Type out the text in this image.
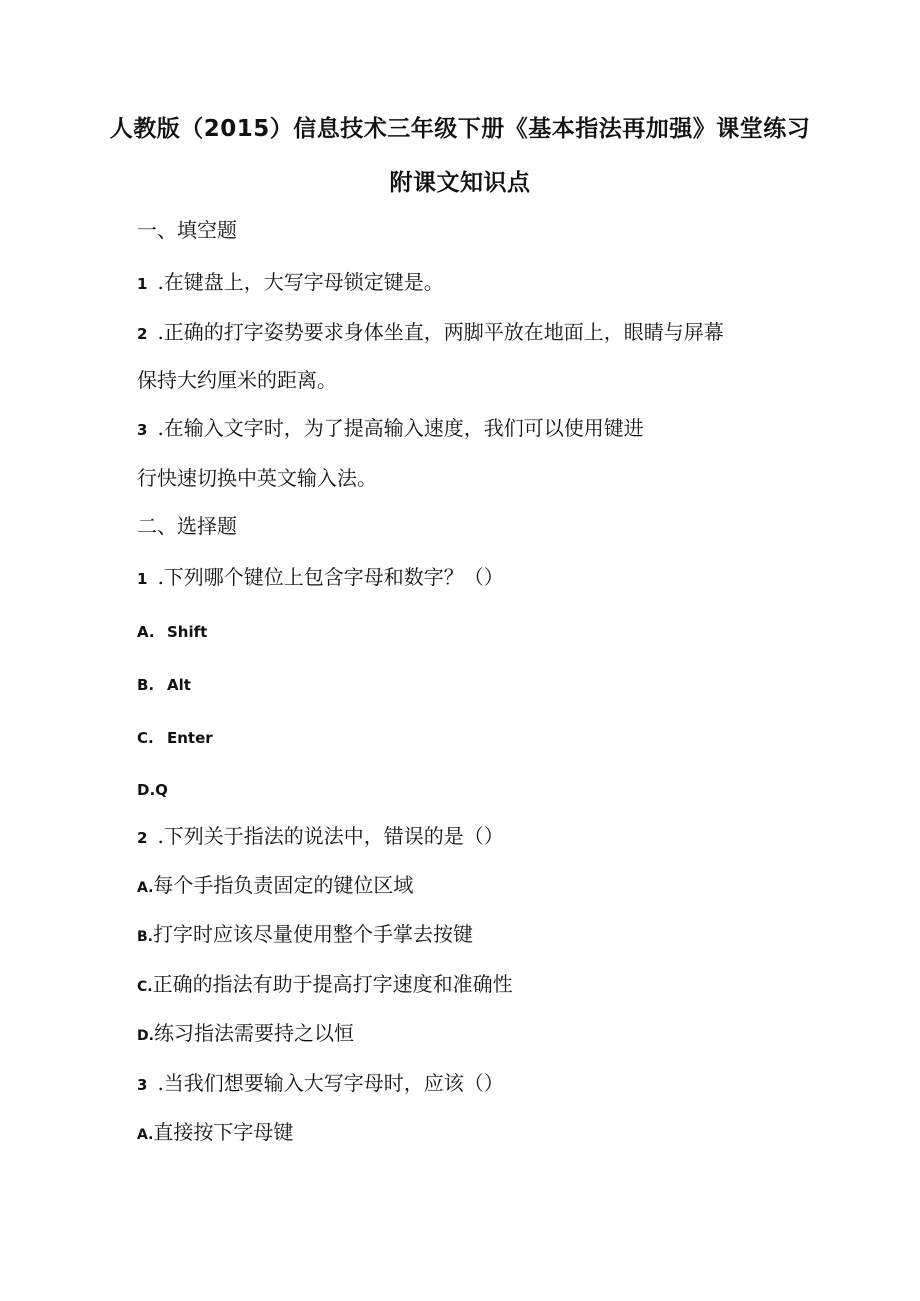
人教版（2015）信息技术三年级下册《基本指法再加强》课堂练习
附课文知识点
一、填空题
1 .在键盘上，大写字母锁定键是。
2 .正确的打字姿势要求身体坐直，两脚平放在地面上，眼睛与屏幕
保持大约厘米的距离。
3 .在输入文字时，为了提高输入速度，我们可以使用键进
行快速切换中英文输入法。
二、选择题
1 .下列哪个键位上包含字母和数字？（）
A. Shift
B. Alt
C. Enter
D.Q
2 .下列关于指法的说法中，错误的是（）
A.每个手指负责固定的键位区域
B.打字时应该尽量使用整个手掌去按键
C.正确的指法有助于提高打字速度和准确性
D.练习指法需要持之以恒
3 .当我们想要输入大写字母时，应该（）
A.直接按下字母键
